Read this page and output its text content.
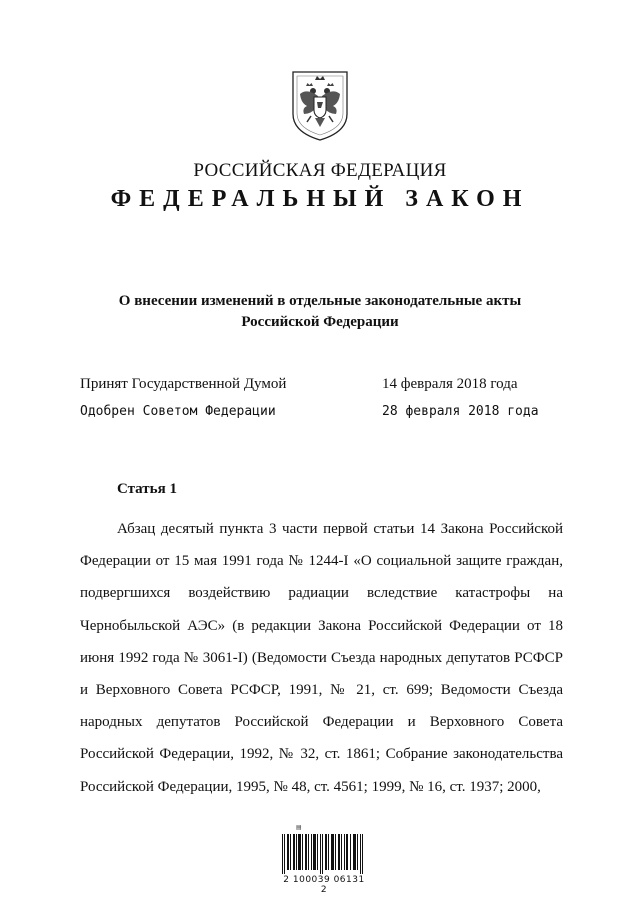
РОССИЙСКАЯ ФЕДЕРАЦИЯ
ФЕДЕРАЛЬНЫЙ ЗАКОН
О внесении изменений в отдельные законодательные акты
Российской Федерации
Принят Государственной Думой	14 февраля 2018 года
Одобрен Советом Федерации	28 февраля 2018 года
Статья 1

Абзац десятый пункта 3 части первой статьи 14 Закона Российской Федерации от 15 мая 1991 года № 1244-I «О социальной защите граждан, подвергшихся воздействию радиации вследствие катастрофы на Чернобыльской АЭС» (в редакции Закона Российской Федерации от 18 июня 1992 года № 3061-I) (Ведомости Съезда народных депутатов РСФСР и Верховного Совета РСФСР, 1991, № 21, ст. 699; Ведомости Съезда народных депутатов Российской Федерации и Верховного Совета Российской Федерации, 1992, № 32, ст. 1861; Собрание законодательства Российской Федерации, 1995, № 48, ст. 4561; 1999, № 16, ст. 1937; 2000,

▤
2 100039 06131 2
